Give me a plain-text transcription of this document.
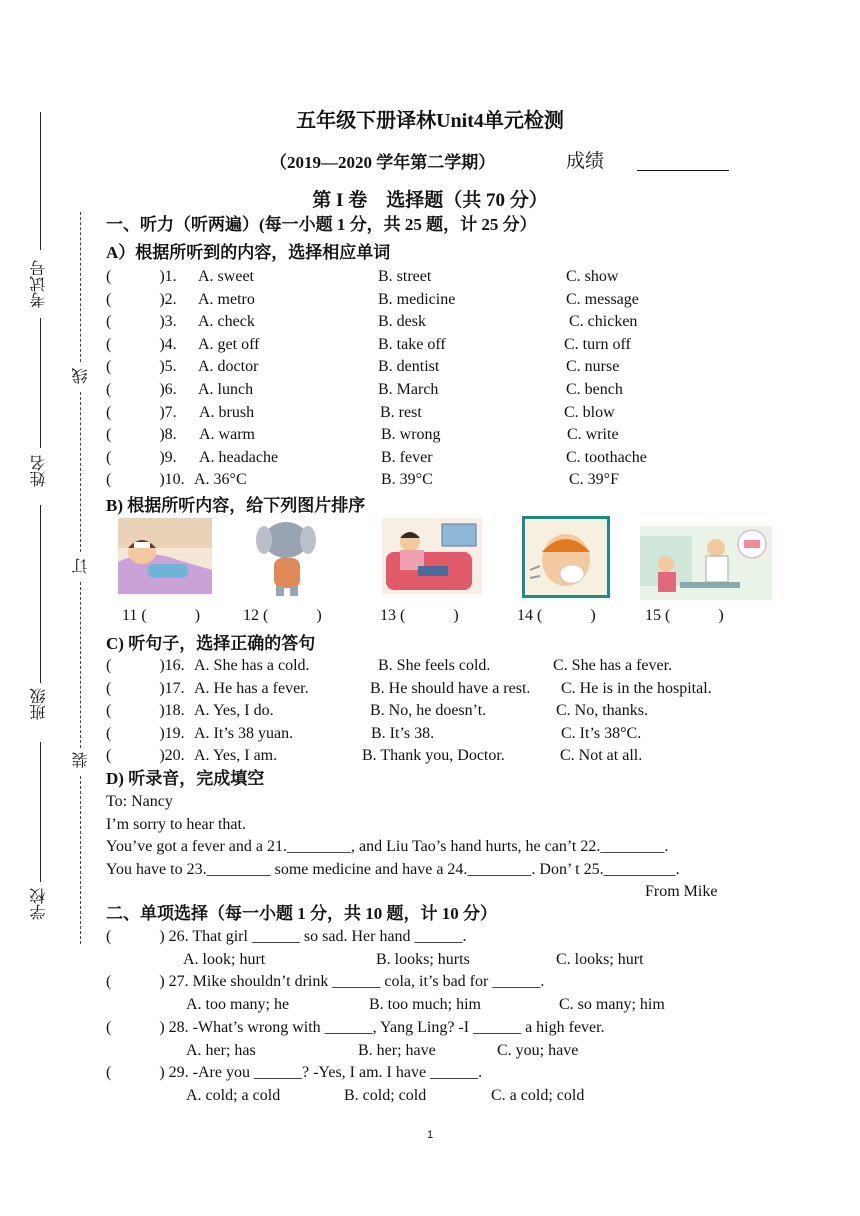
五年级下册译林Unit4单元检测
（2019—2020 学年第二学期）	成绩
第 I 卷　选择题（共 70 分）
考试号
姓名
班级
学校
线
订
装
一、听力（听两遍）(每一小题 1 分，共 25 题，计 25 分）
A）根据所听到的内容，选择相应单词
(　　　)1. A. sweet	B. street	C. show
(　　　)2. A. metro	B. medicine	C. message
(　　　)3. A. check	B. desk	C. chicken
(　　　)4. A. get off	B. take off	C. turn off
(　　　)5. A. doctor	B. dentist	C. nurse
(　　　)6. A. lunch	B. March	C. bench
(　　　)7. A. brush	B. rest	C. blow
(　　　)8. A. warm	B. wrong	C. write
(　　　)9. A. headache	B. fever	C. toothache
(　　　)10. A. 36°C	B. 39°C	C. 39°F
B) 根据所听内容，给下列图片排序
11 (　　　)	12 (　　　)	13 (　　　)	14 (　　　)	15 (　　　)
C) 听句子，选择正确的答句
(　　　)16. A. She has a cold.	B. She feels cold.	C. She has a fever.
(　　　)17. A. He has a fever.	B. He should have a rest. C. He is in the hospital.
(　　　)18. A. Yes, I do.	B. No, he doesn’t.	C. No, thanks.
(　　　)19. A. It’s 38 yuan.	B. It’s 38.	C. It’s 38°C.
(　　　)20. A. Yes, I am.	B. Thank you, Doctor.	C. Not at all.
D) 听录音，完成填空
To: Nancy
I’m sorry to hear that.
You’ve got a fever and a 21.________, and Liu Tao’s hand hurts, he can’t 22.________.
You have to 23.________ some medicine and have a 24.________. Don’ t 25._________.
From Mike
二、单项选择（每一小题 1 分，共 10 题，计 10 分）
(　　　) 26. That girl ______ so sad. Her hand ______.
A. look; hurt	B. looks; hurts	C. looks; hurt
(　　　) 27. Mike shouldn’t drink ______ cola, it’s bad for ______.
A. too many; he	B. too much; him	C. so many; him
(　　　) 28. -What’s wrong with ______, Yang Ling? -I ______ a high fever.
A. her; has	B. her; have	C. you; have
(　　　) 29. -Are you ______? -Yes, I am. I have ______.
A. cold; a cold	B. cold; cold	C. a cold; cold
1
